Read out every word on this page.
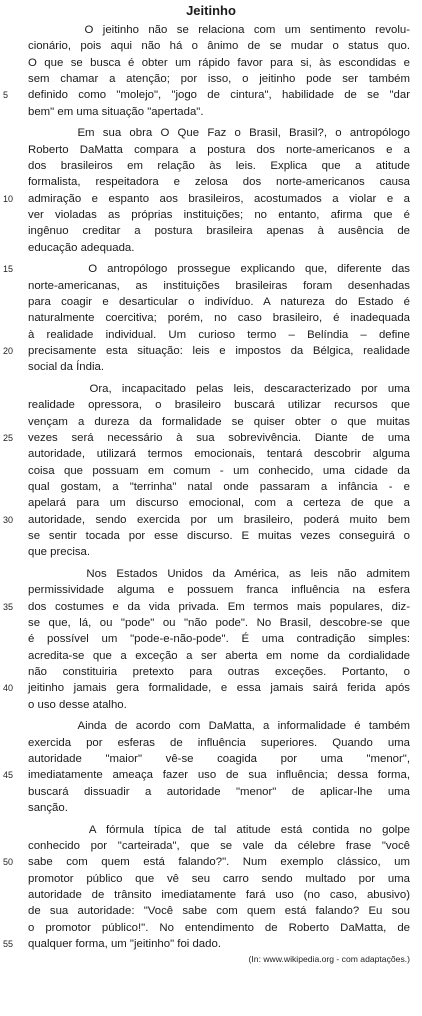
Jeitinho
O jeitinho não se relaciona com um sentimento revolu-
cionário, pois aqui não há o ânimo de se mudar o status quo.
O que se busca é obter um rápido favor para si, às escondidas e
sem chamar a atenção; por isso, o jeitinho pode ser também
definido como "molejo", "jogo de cintura", habilidade de se "dar
bem" em uma situação "apertada".
Em sua obra O Que Faz o Brasil, Brasil?, o antropólogo
Roberto DaMatta compara a postura dos norte-americanos e a
dos brasileiros em relação às leis. Explica que a atitude
formalista, respeitadora e zelosa dos norte-americanos causa
admiração e espanto aos brasileiros, acostumados a violar e a
ver violadas as próprias instituições; no entanto, afirma que é
ingênuo creditar a postura brasileira apenas à ausência de
educação adequada.
O antropólogo prossegue explicando que, diferente das
norte-americanas, as instituições brasileiras foram desenhadas
para coagir e desarticular o indivíduo. A natureza do Estado é
naturalmente coercitiva; porém, no caso brasileiro, é inadequada
à realidade individual. Um curioso termo – Belíndia – define
precisamente esta situação: leis e impostos da Bélgica, realidade
social da Índia.
Ora, incapacitado pelas leis, descaracterizado por uma
realidade opressora, o brasileiro buscará utilizar recursos que
vençam a dureza da formalidade se quiser obter o que muitas
vezes será necessário à sua sobrevivência. Diante de uma
autoridade, utilizará termos emocionais, tentará descobrir alguma
coisa que possuam em comum - um conhecido, uma cidade da
qual gostam, a "terrinha" natal onde passaram a infância - e
apelará para um discurso emocional, com a certeza de que a
autoridade, sendo exercida por um brasileiro, poderá muito bem
se sentir tocada por esse discurso. E muitas vezes conseguirá o
que precisa.
Nos Estados Unidos da América, as leis não admitem
permissividade alguma e possuem franca influência na esfera
dos costumes e da vida privada. Em termos mais populares, diz-
se que, lá, ou "pode" ou "não pode". No Brasil, descobre-se que
é possível um "pode-e-não-pode". É uma contradição simples:
acredita-se que a exceção a ser aberta em nome da cordialidade
não constituiria pretexto para outras exceções. Portanto, o
jeitinho jamais gera formalidade, e essa jamais sairá ferida após
o uso desse atalho.
Ainda de acordo com DaMatta, a informalidade é também
exercida por esferas de influência superiores. Quando uma
autoridade "maior" vê-se coagida por uma "menor",
imediatamente ameaça fazer uso de sua influência; dessa forma,
buscará dissuadir a autoridade "menor" de aplicar-lhe uma
sanção.
A fórmula típica de tal atitude está contida no golpe
conhecido por "carteirada", que se vale da célebre frase "você
sabe com quem está falando?". Num exemplo clássico, um
promotor público que vê seu carro sendo multado por uma
autoridade de trânsito imediatamente fará uso (no caso, abusivo)
de sua autoridade: "Você sabe com quem está falando? Eu sou
o promotor público!". No entendimento de Roberto DaMatta, de
qualquer forma, um "jeitinho" foi dado.
5
10
15
20
25
30
35
40
45
50
55
(In: www.wikipedia.org - com adaptações.)
